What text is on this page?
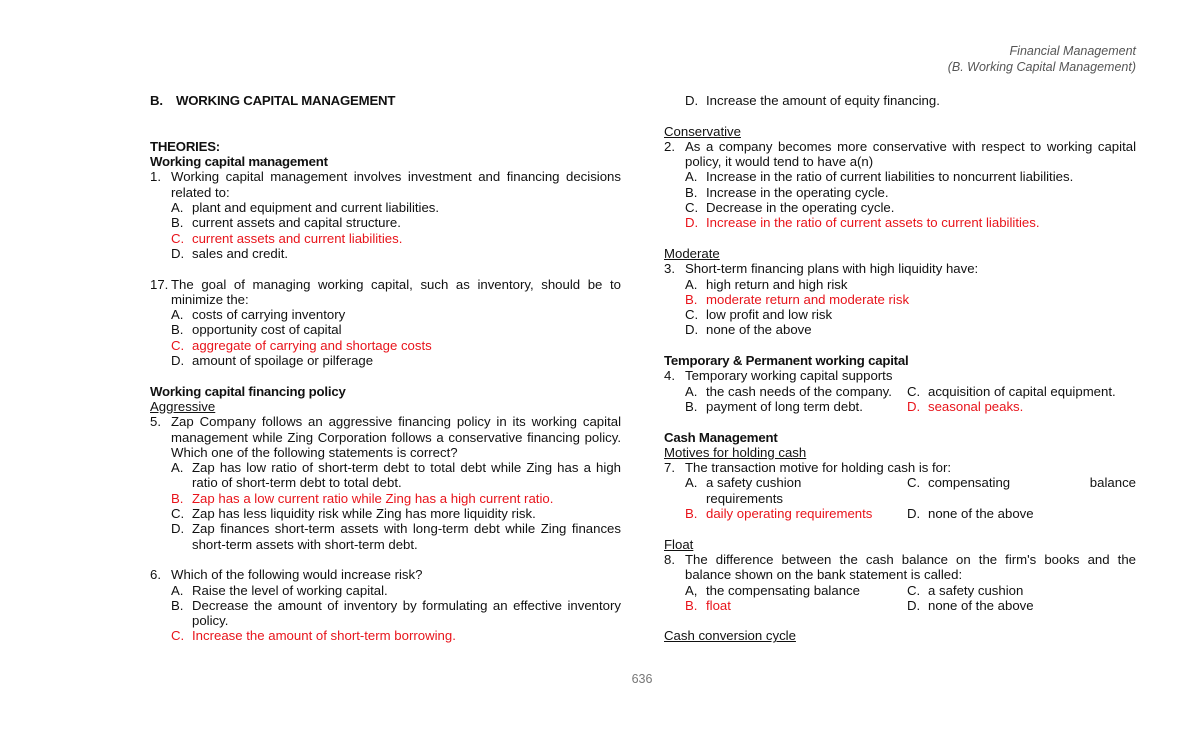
Financial Management
(B. Working Capital Management)
B. WORKING CAPITAL MANAGEMENT
THEORIES:
Working capital management
1. Working capital management involves investment and financing decisions related to:
A. plant and equipment and current liabilities.
B. current assets and capital structure.
C. current assets and current liabilities.
D. sales and credit.
17. The goal of managing working capital, such as inventory, should be to minimize the:
A. costs of carrying inventory
B. opportunity cost of capital
C. aggregate of carrying and shortage costs
D. amount of spoilage or pilferage
Working capital financing policy
Aggressive
5. Zap Company follows an aggressive financing policy in its working capital management while Zing Corporation follows a conservative financing policy. Which one of the following statements is correct?
A. Zap has low ratio of short-term debt to total debt while Zing has a high ratio of short-term debt to total debt.
B. Zap has a low current ratio while Zing has a high current ratio.
C. Zap has less liquidity risk while Zing has more liquidity risk.
D. Zap finances short-term assets with long-term debt while Zing finances short-term assets with short-term debt.
6. Which of the following would increase risk?
A. Raise the level of working capital.
B. Decrease the amount of inventory by formulating an effective inventory policy.
C. Increase the amount of short-term borrowing.
D. Increase the amount of equity financing.
Conservative
2. As a company becomes more conservative with respect to working capital policy, it would tend to have a(n)
A. Increase in the ratio of current liabilities to noncurrent liabilities.
B. Increase in the operating cycle.
C. Decrease in the operating cycle.
D. Increase in the ratio of current assets to current liabilities.
Moderate
3. Short-term financing plans with high liquidity have:
A. high return and high risk
B. moderate return and moderate risk
C. low profit and low risk
D. none of the above
Temporary & Permanent working capital
4. Temporary working capital supports
A. the cash needs of the company. C. acquisition of capital equipment.
B. payment of long term debt.	D. seasonal peaks.
Cash Management
Motives for holding cash
7. The transaction motive for holding cash is for:
A. a safety cushion	C. compensating	balance
requirements
B. daily operating requirements	D. none of the above
Float
8. The difference between the cash balance on the firm's books and the balance shown on the bank statement is called:
A, the compensating balance	C. a safety cushion
B. float	D. none of the above
Cash conversion cycle
636
